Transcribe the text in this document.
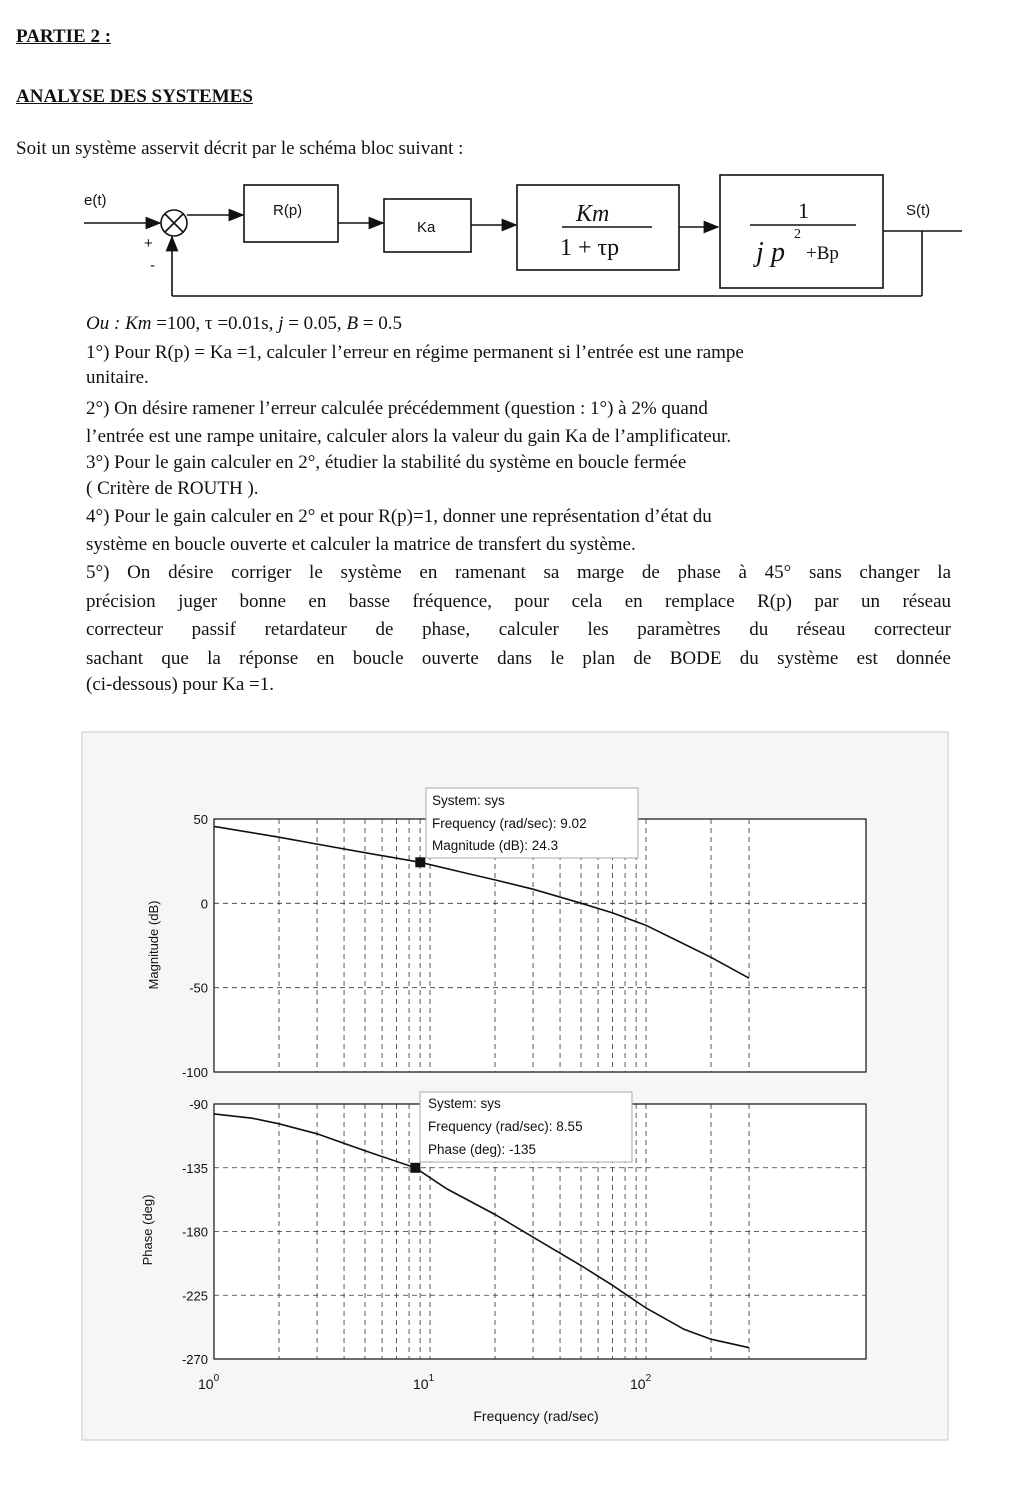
PARTIE 2 :

ANALYSE DES SYSTEMES

Soit un système asservit décrit par le schéma bloc suivant :

e(t)
S(t)
+
-
R(p)
Ka
Km
1 + τp
1
j p
2
+Bp

Ou : Km =100, τ =0.01s, j = 0.05, B = 0.5

1°) Pour R(p) = Ka =1, calculer l’erreur en régime permanent si l’entrée est une rampe

unitaire.

2°) On désire ramener l’erreur calculée précédemment (question : 1°) à 2% quand

l’entrée est une rampe unitaire, calculer alors la valeur du gain Ka de l’amplificateur.

3°) Pour le gain calculer en 2°, étudier la stabilité du système en boucle fermée

( Critère de ROUTH ).

4°) Pour le gain calculer en 2° et pour R(p)=1, donner une représentation d’état du

système en boucle ouverte et calculer la matrice de transfert du système.

5°) On désire corriger le système en ramenant sa marge de phase à 45° sans changer la

précision juger bonne en basse fréquence, pour cela en remplace R(p) par un réseau

correcteur passif retardateur de phase, calculer les paramètres du réseau correcteur

sachant que la réponse en boucle ouverte dans le plan de BODE du système est donnée

(ci-dessous) pour Ka =1.

50
0
-50
-100
System: sys
Frequency (rad/sec): 9.02
Magnitude (dB): 24.3
Magnitude (dB)
-90
-135
-180
-225
-270
System: sys
Frequency (rad/sec): 8.55
Phase (deg): -135
Phase (deg)
$10^0$	$10^1$	$10^2$
Frequency (rad/sec)
